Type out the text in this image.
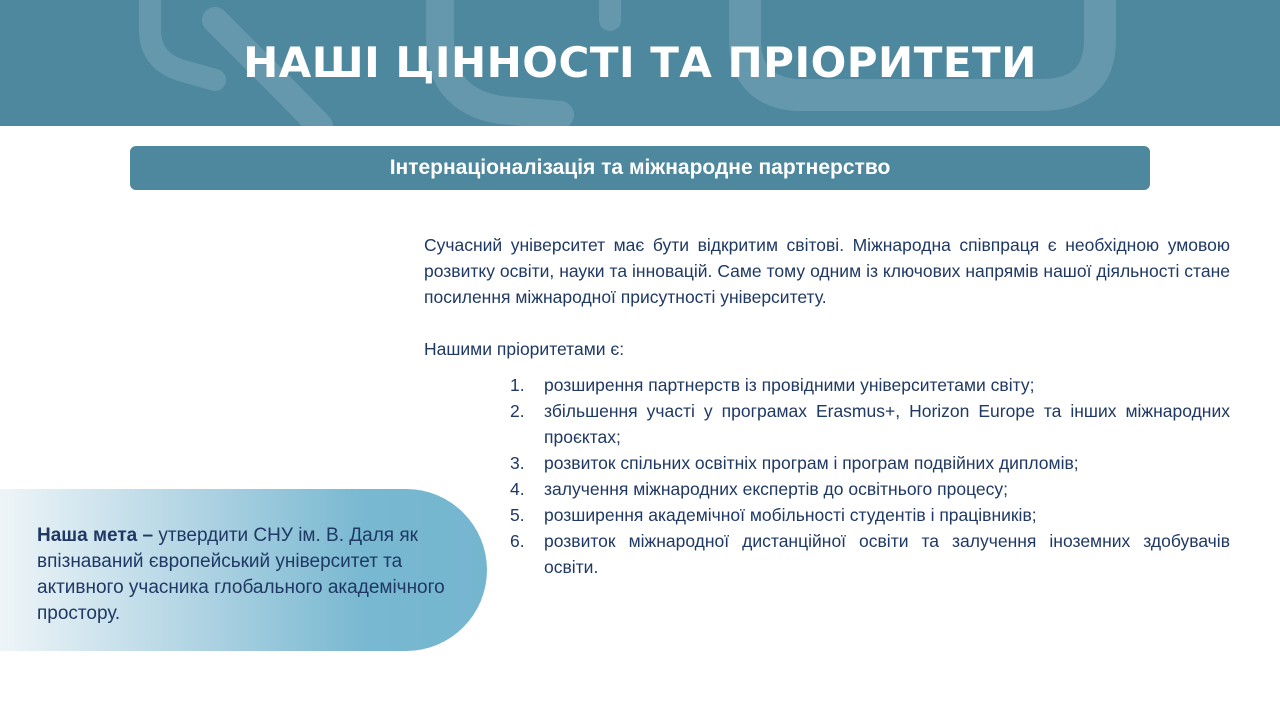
НАШІ ЦІННОСТІ ТА ПРІОРИТЕТИ
Інтернаціоналізація та міжнародне партнерство

Сучасний університет має бути відкритим світові. Міжнародна співпраця є необхідною умовою розвитку освіти, науки та інновацій. Саме тому одним із ключових напрямів нашої діяльності стане посилення міжнародної присутності університету.

Нашими пріоритетами є:

1.	розширення партнерств із провідними університетами світу;
2.	збільшення участі у програмах Erasmus+, Horizon Europe та інших міжнародних проєктах;
3.	розвиток спільних освітніх програм і програм подвійних дипломів;
4.	залучення міжнародних експертів до освітнього процесу;
5.	розширення академічної мобільності студентів і працівників;
6.	розвиток міжнародної дистанційної освіти та залучення іноземних здобувачів освіти.
Наша мета – утвердити СНУ ім. В. Даля як впізнаваний європейський університет та активного учасника глобального академічного простору.
